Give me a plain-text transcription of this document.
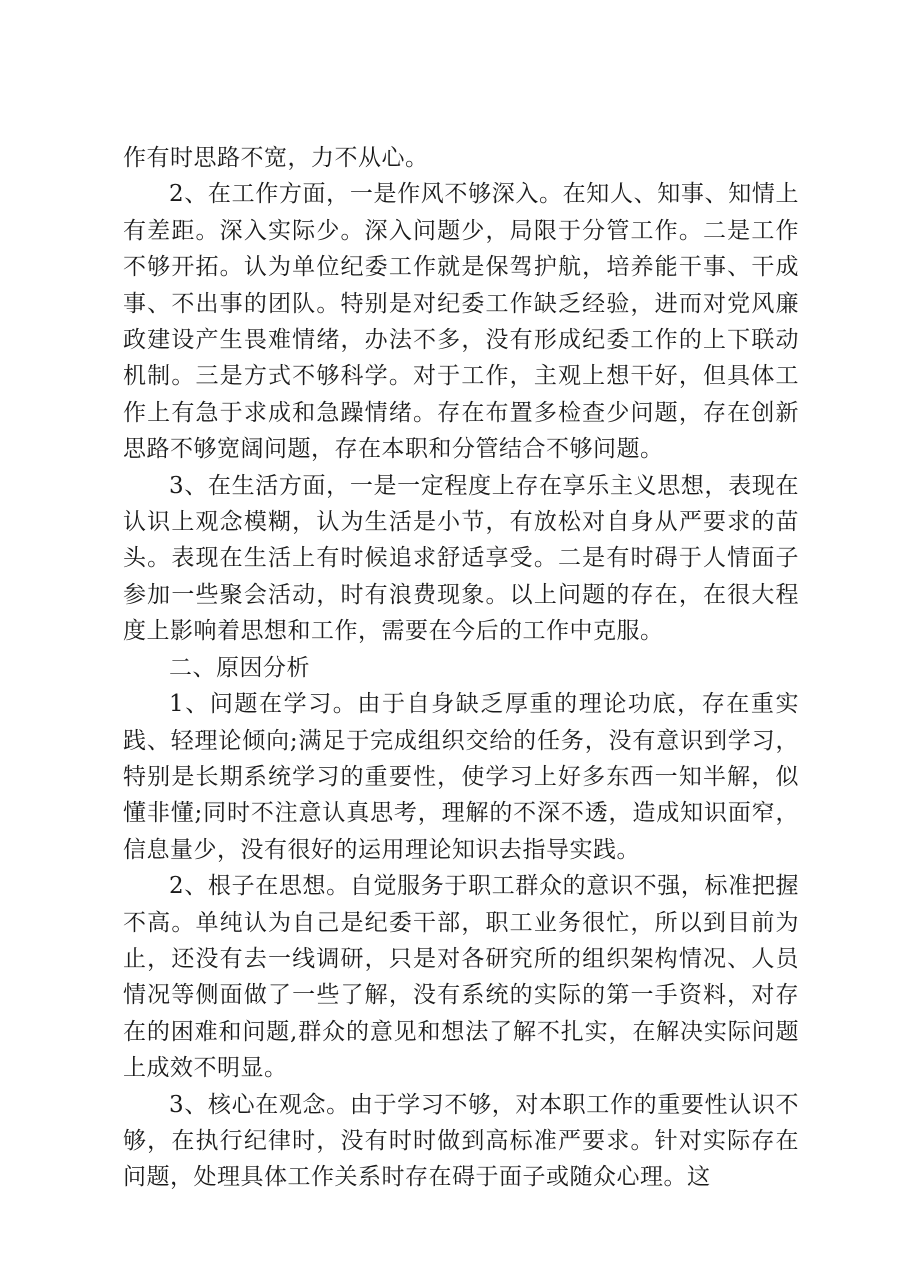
作有时思路不宽，力不从心。

2、在工作方面，一是作风不够深入。在知人、知事、知情上有差距。深入实际少。深入问题少，局限于分管工作。二是工作不够开拓。认为单位纪委工作就是保驾护航，培养能干事、干成事、不出事的团队。特别是对纪委工作缺乏经验，进而对党风廉政建设产生畏难情绪，办法不多，没有形成纪委工作的上下联动机制。三是方式不够科学。对于工作，主观上想干好，但具体工作上有急于求成和急躁情绪。存在布置多检查少问题，存在创新思路不够宽阔问题，存在本职和分管结合不够问题。

3、在生活方面，一是一定程度上存在享乐主义思想，表现在认识上观念模糊，认为生活是小节，有放松对自身从严要求的苗头。表现在生活上有时候追求舒适享受。二是有时碍于人情面子参加一些聚会活动，时有浪费现象。以上问题的存在，在很大程度上影响着思想和工作，需要在今后的工作中克服。

二、原因分析

1、问题在学习。由于自身缺乏厚重的理论功底，存在重实践、轻理论倾向;满足于完成组织交给的任务，没有意识到学习，特别是长期系统学习的重要性，使学习上好多东西一知半解，似懂非懂;同时不注意认真思考，理解的不深不透，造成知识面窄，信息量少，没有很好的运用理论知识去指导实践。

2、根子在思想。自觉服务于职工群众的意识不强，标准把握不高。单纯认为自己是纪委干部，职工业务很忙，所以到目前为止，还没有去一线调研，只是对各研究所的组织架构情况、人员情况等侧面做了一些了解，没有系统的实际的第一手资料，对存在的困难和问题,群众的意见和想法了解不扎实，在解决实际问题上成效不明显。

3、核心在观念。由于学习不够，对本职工作的重要性认识不够，在执行纪律时，没有时时做到高标准严要求。针对实际存在问题，处理具体工作关系时存在碍于面子或随众心理。这
